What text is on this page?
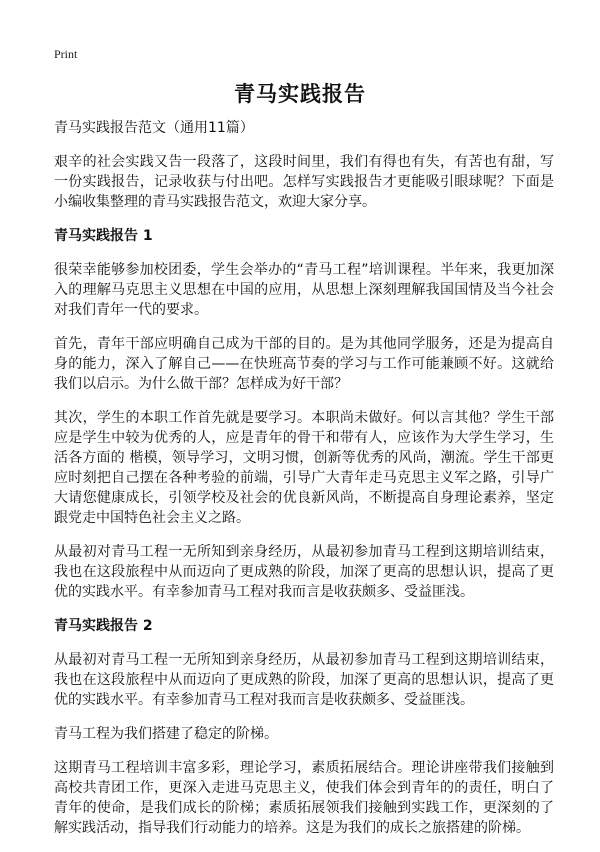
Print
青马实践报告

青马实践报告范文（通用11篇）

艰辛的社会实践又告一段落了，这段时间里，我们有得也有失，有苦也有甜，写一份实践报告，记录收获与付出吧。怎样写实践报告才更能吸引眼球呢？下面是小编收集整理的青马实践报告范文，欢迎大家分享。

青马实践报告 1

很荣幸能够参加校团委，学生会举办的“青马工程”培训课程。半年来，我更加深入的理解马克思主义思想在中国的应用，从思想上深刻理解我国国情及当今社会对我们青年一代的要求。

首先，青年干部应明确自己成为干部的目的。是为其他同学服务，还是为提高自身的能力，深入了解自己——在快班高节奏的学习与工作可能兼顾不好。这就给我们以启示。为什么做干部？怎样成为好干部？

其次，学生的本职工作首先就是要学习。本职尚未做好。何以言其他？学生干部应是学生中较为优秀的人，应是青年的骨干和带有人，应该作为大学生学习，生活各方面的 楷模，领导学习，文明习惯，创新等优秀的风尚，潮流。学生干部更应时刻把自己摆在各种考验的前端，引导广大青年走马克思主义军之路，引导广大请您健康成长，引领学校及社会的优良新风尚，不断提高自身理论素养，坚定跟党走中国特色社会主义之路。

从最初对青马工程一无所知到亲身经历，从最初参加青马工程到这期培训结束，我也在这段旅程中从而迈向了更成熟的阶段，加深了更高的思想认识，提高了更优的实践水平。有幸参加青马工程对我而言是收获颇多、受益匪浅。

青马实践报告 2

从最初对青马工程一无所知到亲身经历，从最初参加青马工程到这期培训结束，我也在这段旅程中从而迈向了更成熟的阶段，加深了更高的思想认识，提高了更优的实践水平。有幸参加青马工程对我而言是收获颇多、受益匪浅。

青马工程为我们搭建了稳定的阶梯。

这期青马工程培训丰富多彩，理论学习，素质拓展结合。理论讲座带我们接触到高校共青团工作，更深入走进马克思主义，使我们体会到青年的的责任，明白了青年的使命，是我们成长的阶梯；素质拓展领我们接触到实践工作，更深刻的了解实践活动，指导我们行动能力的培养。这是为我们的成长之旅搭建的阶梯。
